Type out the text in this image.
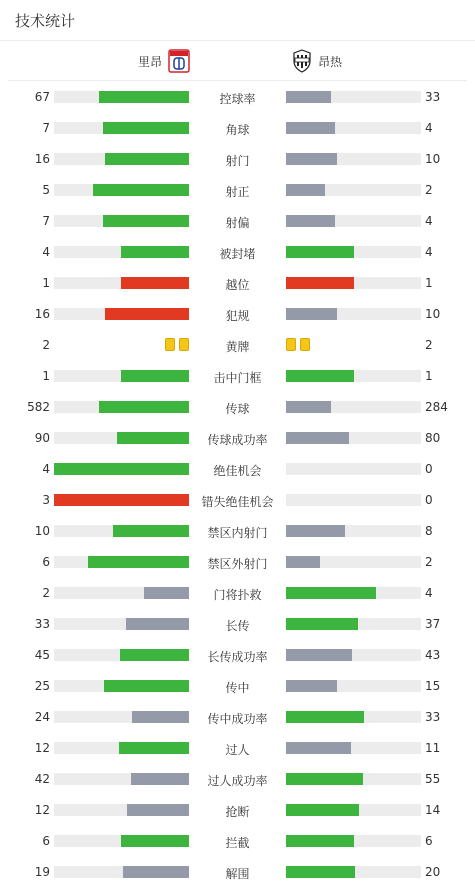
技术统计
里昂	昂热
67	控球率	33
7	角球	4
16	射门	10
5	射正	2
7	射偏	4
4	被封堵	4
1	越位	1
16	犯规	10
2	黄牌	2
1	击中门框	1
582	传球	284
90	传球成功率	80
4	绝佳机会	0
3	错失绝佳机会	0
10	禁区内射门	8
6	禁区外射门	2
2	门将扑救	4
33	长传	37
45	长传成功率	43
25	传中	15
24	传中成功率	33
12	过人	11
42	过人成功率	55
12	抢断	14
6	拦截	6
19	解围	20
